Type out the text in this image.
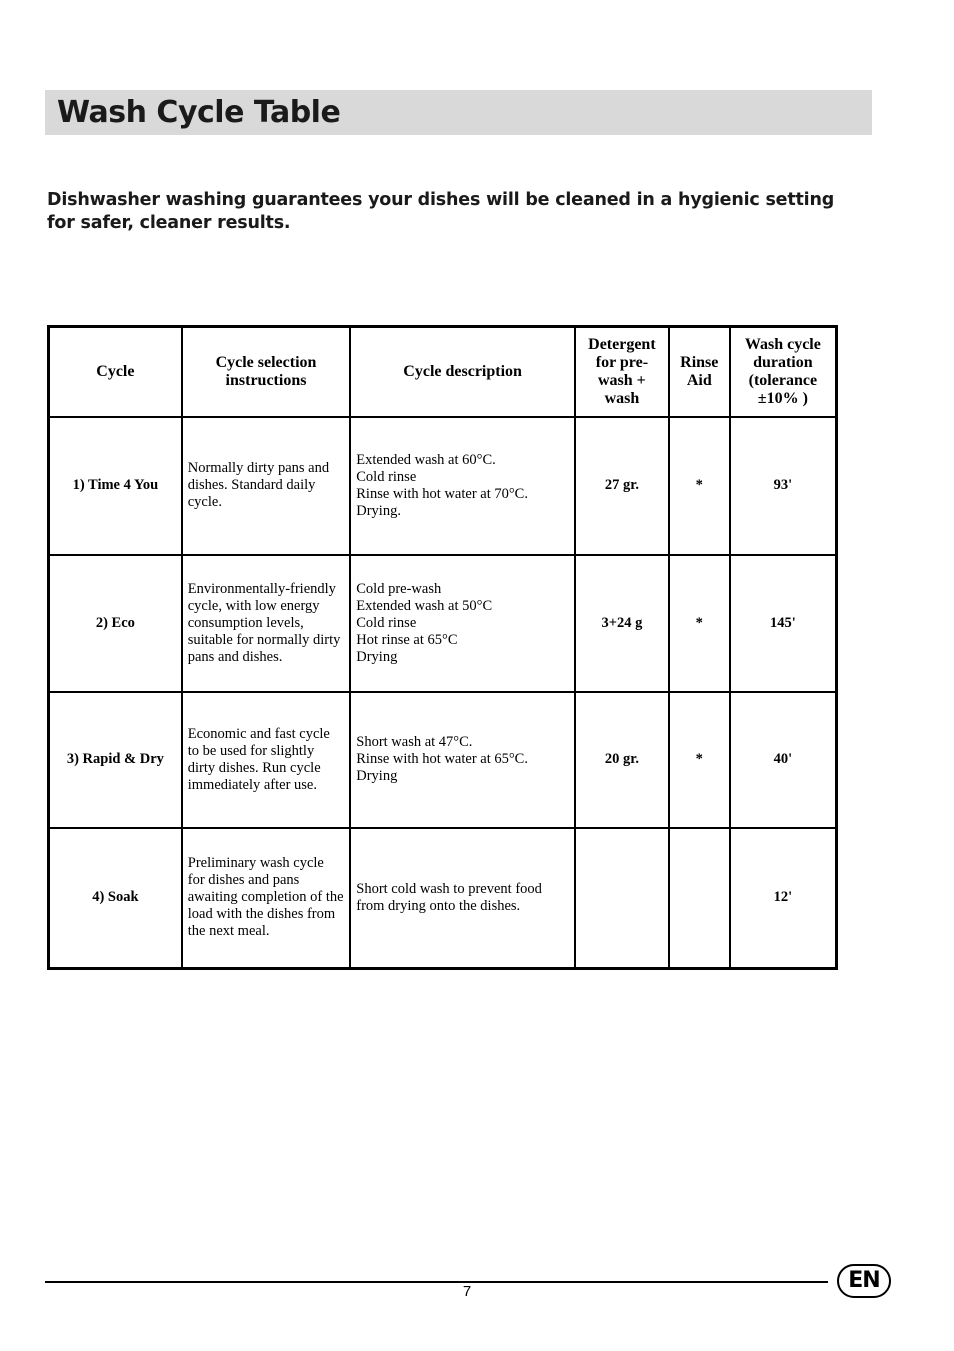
Wash Cycle Table

Dishwasher washing guarantees your dishes will be cleaned in a hygienic setting for safer, cleaner results.

Cycle	Cycle selection instructions	Cycle description	Detergent for pre-wash + wash	Rinse Aid	Wash cycle duration (tolerance ±10% )
1) Time 4 You	Normally dirty pans and dishes. Standard daily cycle.	Extended wash at 60°C.
Cold rinse
Rinse with hot water at 70°C.
Drying.	27 gr.	*	93'
2) Eco	Environmentally-friendly cycle, with low energy consumption levels, suitable for normally dirty pans and dishes.	Cold pre-wash
Extended wash at 50°C
Cold rinse
Hot rinse at 65°C
Drying	3+24 g	*	145'
3) Rapid & Dry	Economic and fast cycle to be used for slightly dirty dishes. Run cycle immediately after use.	Short wash at 47°C.
Rinse with hot water at 65°C.
Drying	20 gr.	*	40'
4) Soak	Preliminary wash cycle for dishes and pans awaiting completion of the load with the dishes from the next meal.	Short cold wash to prevent food from drying onto the dishes.			12'
7	EN
